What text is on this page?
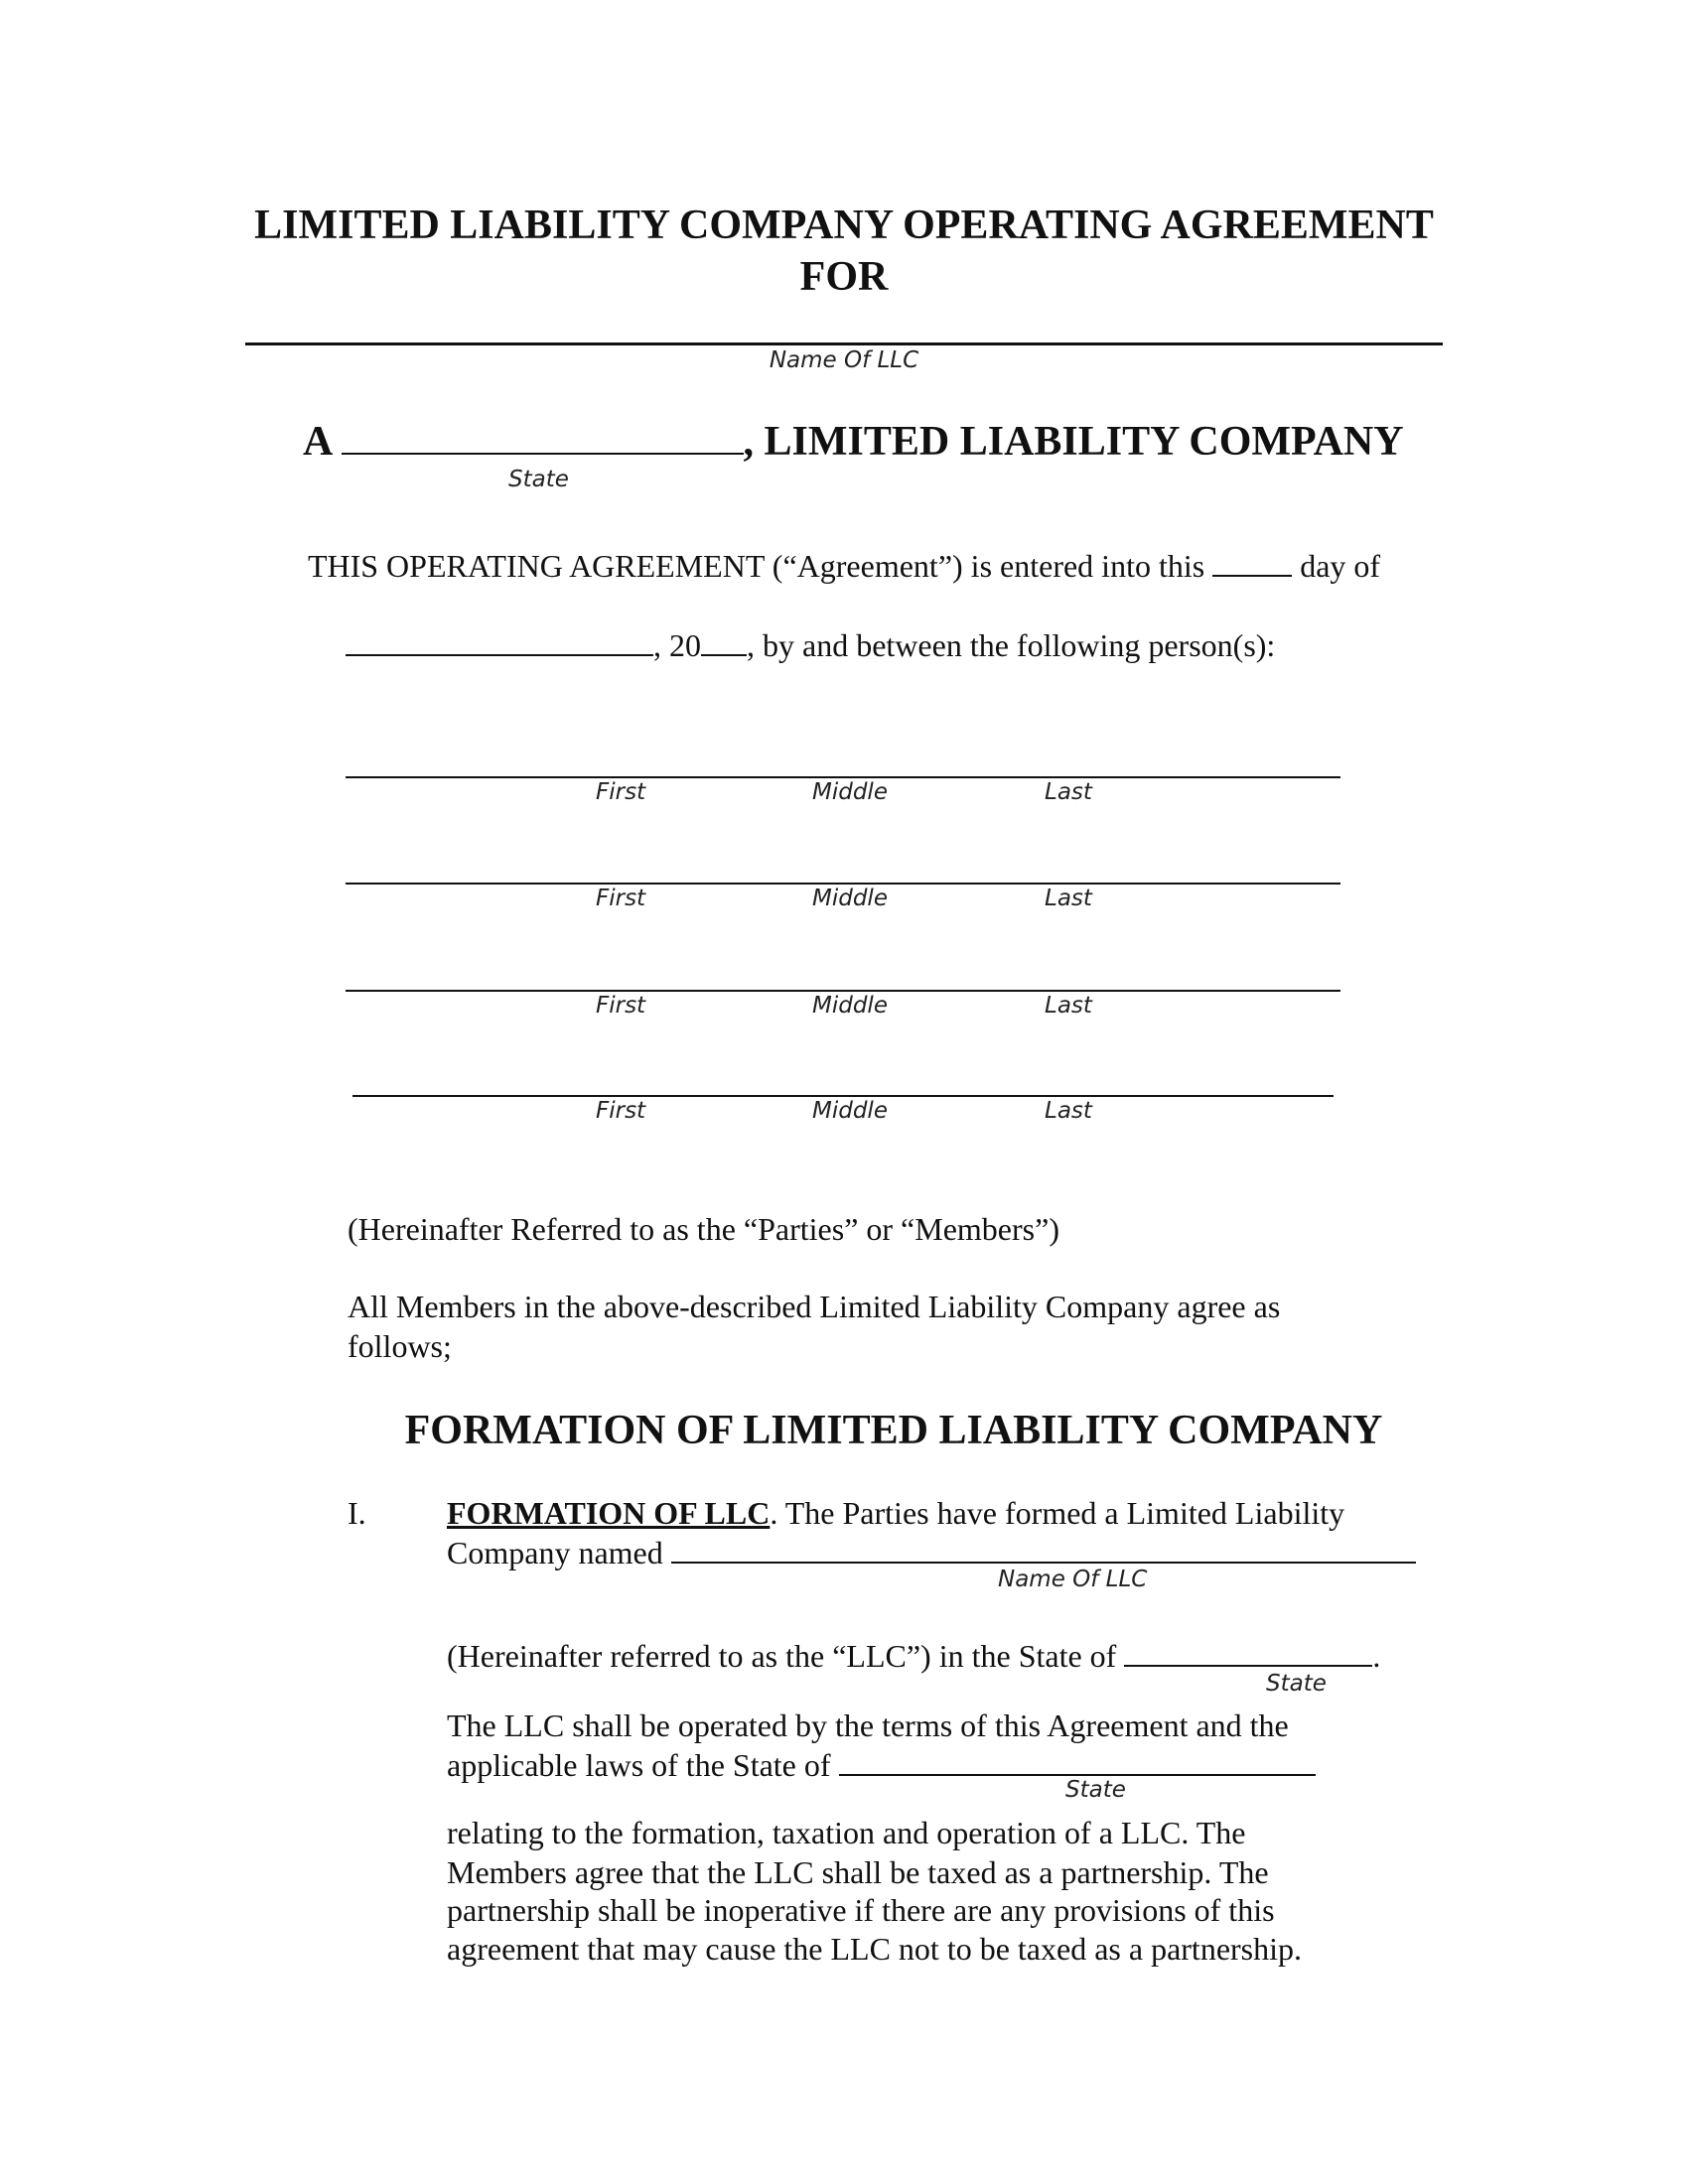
LIMITED LIABILITY COMPANY OPERATING AGREEMENT
FOR
Name Of LLC
A	, LIMITED LIABILITY COMPANY
State
THIS OPERATING AGREEMENT (“Agreement”) is entered into this	day of
, 20 , by and between the following person(s):
First	Middle	Last
First	Middle	Last
First	Middle	Last
First	Middle	Last
(Hereinafter Referred to as the “Parties” or “Members”)
All Members in the above-described Limited Liability Company agree as follows;
FORMATION OF LIMITED LIABILITY COMPANY
I.	FORMATION OF LLC. The Parties have formed a Limited Liability
Company named
Name Of LLC
(Hereinafter referred to as the “LLC”) in the State of	.
State
The LLC shall be operated by the terms of this Agreement and the
applicable laws of the State of
State
relating to the formation, taxation and operation of a LLC. The
Members agree that the LLC shall be taxed as a partnership. The
partnership shall be inoperative if there are any provisions of this
agreement that may cause the LLC not to be taxed as a partnership.
